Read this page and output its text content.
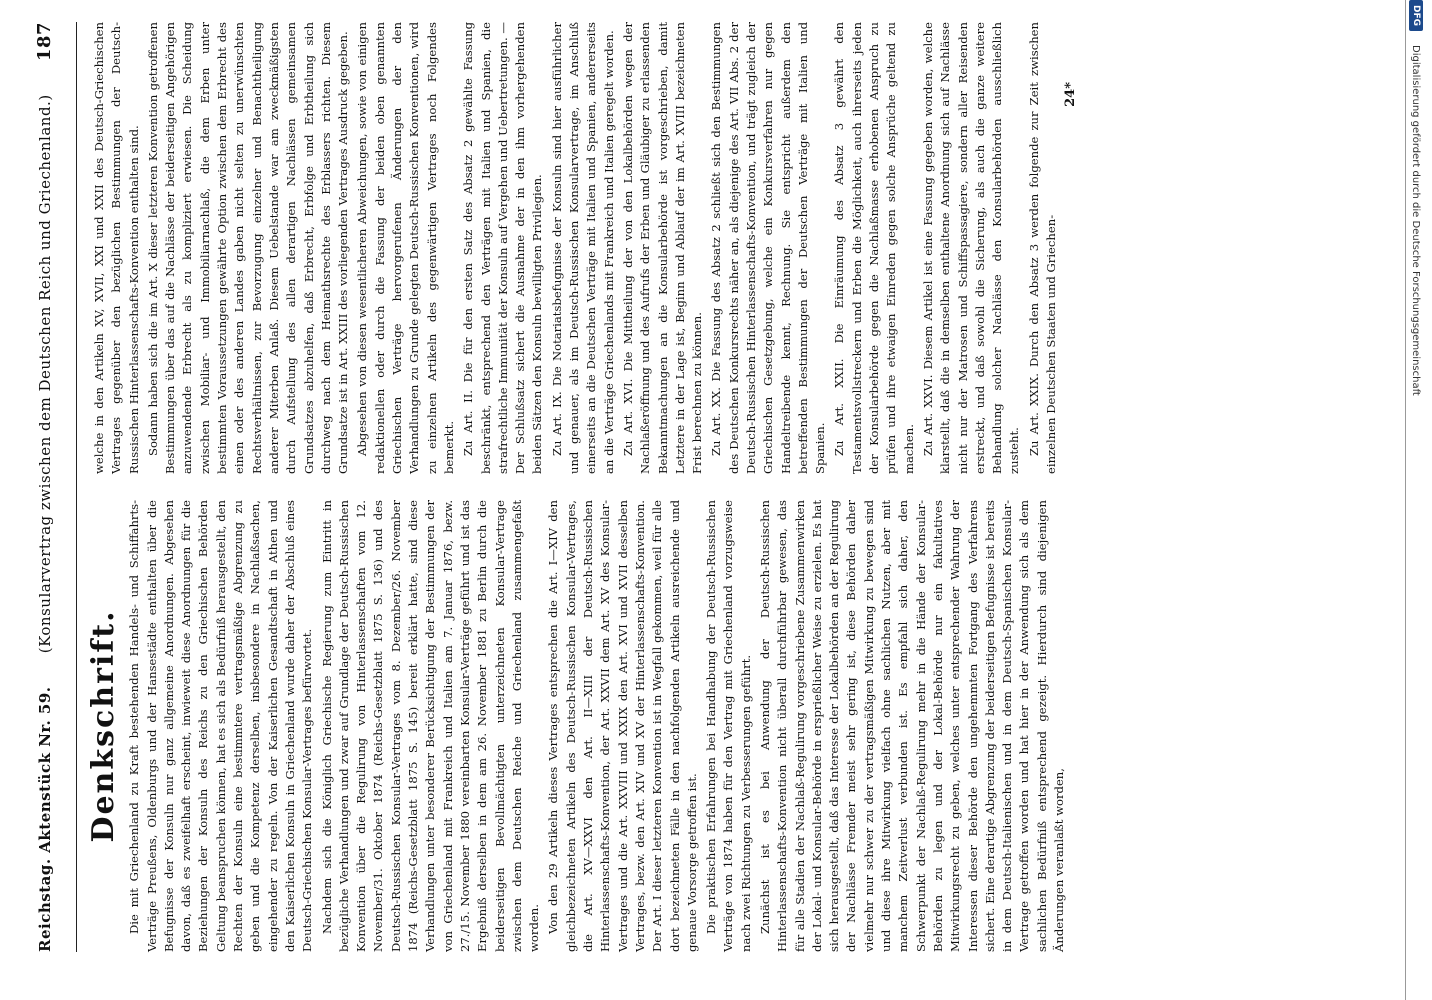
Reichstag. Aktenstück Nr. 59.
(Konsularvertrag zwischen dem Deutschen Reich und Griechenland.)
187
Denkschrift. Die mit Griechenland zu Kraft bestehenden Handels- und Schiffahrts-Verträge Preußens, Oldenburgs und der Hansestädte enthalten über die Befugnisse der Konsuln nur ganz allgemeine Anordnungen. Abgesehen davon, daß es zweifelhaft erscheint, inwieweit diese Anordnungen für die Beziehungen der Konsuln des Reichs zu den Griechischen Behörden Geltung beanspruchen können, hat es sich als Bedürfniß herausgestellt, den Rechten der Konsuln eine bestimmtere vertragsmäßige Abgrenzung zu geben und die Kompetenz derselben, insbesondere in Nachlaßsachen, eingehender zu regeln. Von der Kaiserlichen Gesandtschaft in Athen und den Kaiserlichen Konsuln in Griechenland wurde daher der Abschluß eines Deutsch-Griechischen Konsular-Vertrages befürwortet. Nachdem sich die Königlich Griechische Regierung zum Eintritt in bezügliche Verhandlungen und zwar auf Grundlage der Deutsch-Russischen Konvention über die Regulirung von Hinterlassenschaften vom 12. November/31. Oktober 1874 (Reichs-Gesetzblatt 1875 S. 136) und des Deutsch-Russischen Konsular-Vertrages vom 8. Dezember/26. November 1874 (Reichs-Gesetzblatt 1875 S. 145) bereit erklärt hatte, sind diese Verhandlungen unter besonderer Berücksichtigung der Bestimmungen der von Griechenland mit Frankreich und Italien am 7. Januar 1876, bezw. 27./15. November 1880 vereinbarten Konsular-Verträge geführt und ist das Ergebniß derselben in dem am 26. November 1881 zu Berlin durch die beiderseitigen Bevollmächtigten unterzeichneten Konsular-Vertrage zwischen dem Deutschen Reiche und Griechenland zusammengefaßt worden. Von den 29 Artikeln dieses Vertrages entsprechen die Art. I—XIV den gleichbezeichneten Artikeln des Deutsch-Russischen Konsular-Vertrages, die Art. XV—XXVI den Art. II—XIII der Deutsch-Russischen Hinterlassenschafts-Konvention, der Art. XXVII dem Art. XV des Konsular-Vertrages und die Art. XXVIII und XXIX den Art. XVI und XVII desselben Vertrages, bezw. den Art. XIV und XV der Hinterlassenschafts-Konvention. Der Art. I dieser letzteren Konvention ist in Wegfall gekommen, weil für alle dort bezeichneten Fälle in den nachfolgenden Artikeln ausreichende und genaue Vorsorge getroffen ist. Die praktischen Erfahrungen bei Handhabung der Deutsch-Russischen Verträge von 1874 haben für den Vertrag mit Griechenland vorzugsweise nach zwei Richtungen zu Verbesserungen geführt. Zunächst ist es bei Anwendung der Deutsch-Russischen Hinterlassenschafts-Konvention nicht überall durchführbar gewesen, das für alle Stadien der Nachlaß-Regulirung vorgeschriebene Zusammenwirken der Lokal- und Konsular-Behörde in ersprießlicher Weise zu erzielen. Es hat sich herausgestellt, daß das Interesse der Lokalbehörden an der Regulirung der Nachlässe Fremder meist sehr gering ist, diese Behörden daher vielmehr nur schwer zu der vertragsmäßigen Mitwirkung zu bewegen sind und diese ihre Mitwirkung vielfach ohne sachlichen Nutzen, aber mit manchem Zeitverlust verbunden ist. Es empfahl sich daher, den Schwerpunkt der Nachlaß-Regulirung mehr in die Hände der Konsular-Behörden zu legen und der Lokal-Behörde nur ein fakultatives Mitwirkungsrecht zu geben, welches unter entsprechender Wahrung der Interessen dieser Behörde den ungehemmten Fortgang des Verfahrens sichert. Eine derartige Abgrenzung der beiderseitigen Befugnisse ist bereits in dem Deutsch-Italienischen und in dem Deutsch-Spanischen Konsular-Vertrage getroffen worden und hat hier in der Anwendung sich als dem sachlichen Bedürfniß entsprechend gezeigt. Hierdurch sind diejenigen Änderungen veranlaßt worden,

welche in den Artikeln XV, XVII, XXI und XXII des Deutsch-Griechischen Vertrages gegenüber den bezüglichen Bestimmungen der Deutsch-Russischen Hinterlassenschafts-Konvention enthalten sind. Sodann haben sich die im Art. X dieser letzteren Konvention getroffenen Bestimmungen über das auf die Nachlässe der beiderseitigen Angehörigen anzuwendende Erbrecht als zu kompliziert erwiesen. Die Scheidung zwischen Mobiliar- und Immobiliarnachlaß, die dem Erben unter bestimmten Voraussetzungen gewährte Option zwischen dem Erbrecht des einen oder des anderen Landes gaben nicht selten zu unerwünschten Rechtsverhältnissen, zur Bevorzugung einzelner und Benachtheiligung anderer Miterben Anlaß. Diesem Uebelstande war am zweckmäßigsten durch Aufstellung des allen derartigen Nachlässen gemeinsamen Grundsatzes abzuhelfen, daß Erbrecht, Erbfolge und Erbtheilung sich durchweg nach dem Heimathsrechte des Erblassers richten. Diesem Grundsatze ist in Art. XXIII des vorliegenden Vertrages Ausdruck gegeben. Abgesehen von diesen wesentlicheren Abweichungen, sowie von einigen redaktionellen oder durch die Fassung der beiden oben genannten Griechischen Verträge hervorgerufenen Änderungen der den Verhandlungen zu Grunde gelegten Deutsch-Russischen Konventionen, wird zu einzelnen Artikeln des gegenwärtigen Vertrages noch Folgendes bemerkt. Zu Art. II. Die für den ersten Satz des Absatz 2 gewählte Fassung beschränkt, entsprechend den Verträgen mit Italien und Spanien, die strafrechtliche Immunität der Konsuln auf Vergehen und Uebertretungen. — Der Schlußsatz sichert die Ausnahme der in den ihm vorhergehenden beiden Sätzen den Konsuln bewilligten Privilegien. Zu Art. IX. Die Notariatsbefugnisse der Konsuln sind hier ausführlicher und genauer, als im Deutsch-Russischen Konsularvertrage, im Anschluß einerseits an die Deutschen Verträge mit Italien und Spanien, andererseits an die Verträge Griechenlands mit Frankreich und Italien geregelt worden. Zu Art. XVI. Die Mittheilung der von den Lokalbehörden wegen der Nachlaßeröffnung und des Aufrufs der Erben und Gläubiger zu erlassenden Bekanntmachungen an die Konsularbehörde ist vorgeschrieben, damit Letztere in der Lage ist, Beginn und Ablauf der im Art. XVIII bezeichneten Frist berechnen zu können. Zu Art. XX. Die Fassung des Absatz 2 schließt sich den Bestimmungen des Deutschen Konkursrechts näher an, als diejenige des Art. VII Abs. 2 der Deutsch-Russischen Hinterlassenschafts-Konvention, und trägt zugleich der Griechischen Gesetzgebung, welche ein Konkursverfahren nur gegen Handeltreibende kennt, Rechnung. Sie entspricht außerdem den betreffenden Bestimmungen der Deutschen Verträge mit Italien und Spanien. Zu Art. XXII. Die Einräumung des Absatz 3 gewährt den Testamentsvollstreckern und Erben die Möglichkeit, auch ihrerseits jeden der Konsularbehörde gegen die Nachlaßmasse erhobenen Anspruch zu prüfen und ihre etwaigen Einreden gegen solche Ansprüche geltend zu machen. Zu Art. XXVI. Diesem Artikel ist eine Fassung gegeben worden, welche klarstellt, daß die in demselben enthaltene Anordnung sich auf Nachlässe nicht nur der Matrosen und Schiffspassagiere, sondern aller Reisenden erstreckt, und daß sowohl die Sicherung, als auch die ganze weitere Behandlung solcher Nachlässe den Konsularbehörden ausschließlich zusteht. Zu Art. XXIX. Durch den Absatz 3 werden folgende zur Zeit zwischen einzelnen Deutschen Staaten und Griechen-

24*
DFG
Digitalisierung gefördert durch die Deutsche Forschungsgemeinschaft
